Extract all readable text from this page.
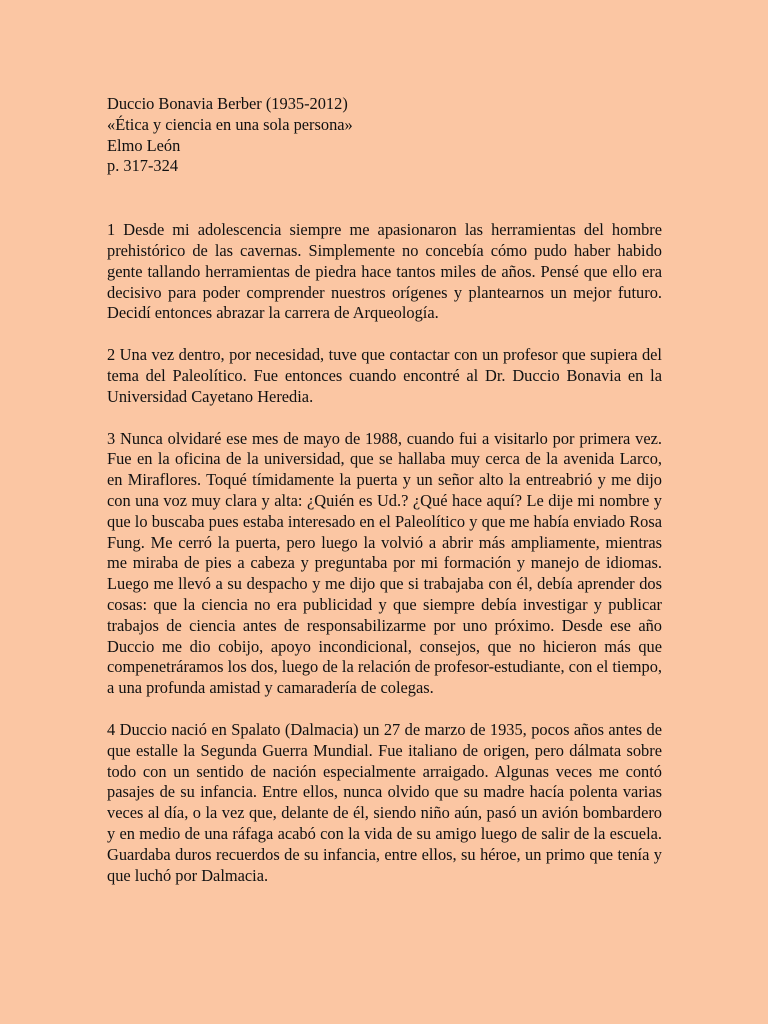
Duccio Bonavia Berber (1935-2012)
«Ética y ciencia en una sola persona»
Elmo León
p. 317-324

1 Desde mi adolescencia siempre me apasionaron las herramientas del hombre prehistórico de las cavernas. Simplemente no concebía cómo pudo haber habido gente tallando herramientas de piedra hace tantos miles de años. Pensé que ello era decisivo para poder comprender nuestros orígenes y plantearnos un mejor futuro. Decidí entonces abrazar la carrera de Arqueología.

2 Una vez dentro, por necesidad, tuve que contactar con un profesor que supiera del tema del Paleolítico. Fue entonces cuando encontré al Dr. Duccio Bonavia en la Universidad Cayetano Heredia.

3 Nunca olvidaré ese mes de mayo de 1988, cuando fui a visitarlo por primera vez. Fue en la oficina de la universidad, que se hallaba muy cerca de la avenida Larco, en Miraflores. Toqué tímidamente la puerta y un señor alto la entreabrió y me dijo con una voz muy clara y alta: ¿Quién es Ud.? ¿Qué hace aquí? Le dije mi nombre y que lo buscaba pues estaba interesado en el Paleolítico y que me había enviado Rosa Fung. Me cerró la puerta, pero luego la volvió a abrir más ampliamente, mientras me miraba de pies a cabeza y preguntaba por mi formación y manejo de idiomas. Luego me llevó a su despacho y me dijo que si trabajaba con él, debía aprender dos cosas: que la ciencia no era publicidad y que siempre debía investigar y publicar trabajos de ciencia antes de responsabilizarme por uno próximo. Desde ese año Duccio me dio cobijo, apoyo incondicional, consejos, que no hicieron más que compenetráramos los dos, luego de la relación de profesor-estudiante, con el tiempo, a una profunda amistad y camaradería de colegas.

4 Duccio nació en Spalato (Dalmacia) un 27 de marzo de 1935, pocos años antes de que estalle la Segunda Guerra Mundial. Fue italiano de origen, pero dálmata sobre todo con un sentido de nación especialmente arraigado. Algunas veces me contó pasajes de su infancia. Entre ellos, nunca olvido que su madre hacía polenta varias veces al día, o la vez que, delante de él, siendo niño aún, pasó un avión bombardero y en medio de una ráfaga acabó con la vida de su amigo luego de salir de la escuela. Guardaba duros recuerdos de su infancia, entre ellos, su héroe, un primo que tenía y que luchó por Dalmacia.
